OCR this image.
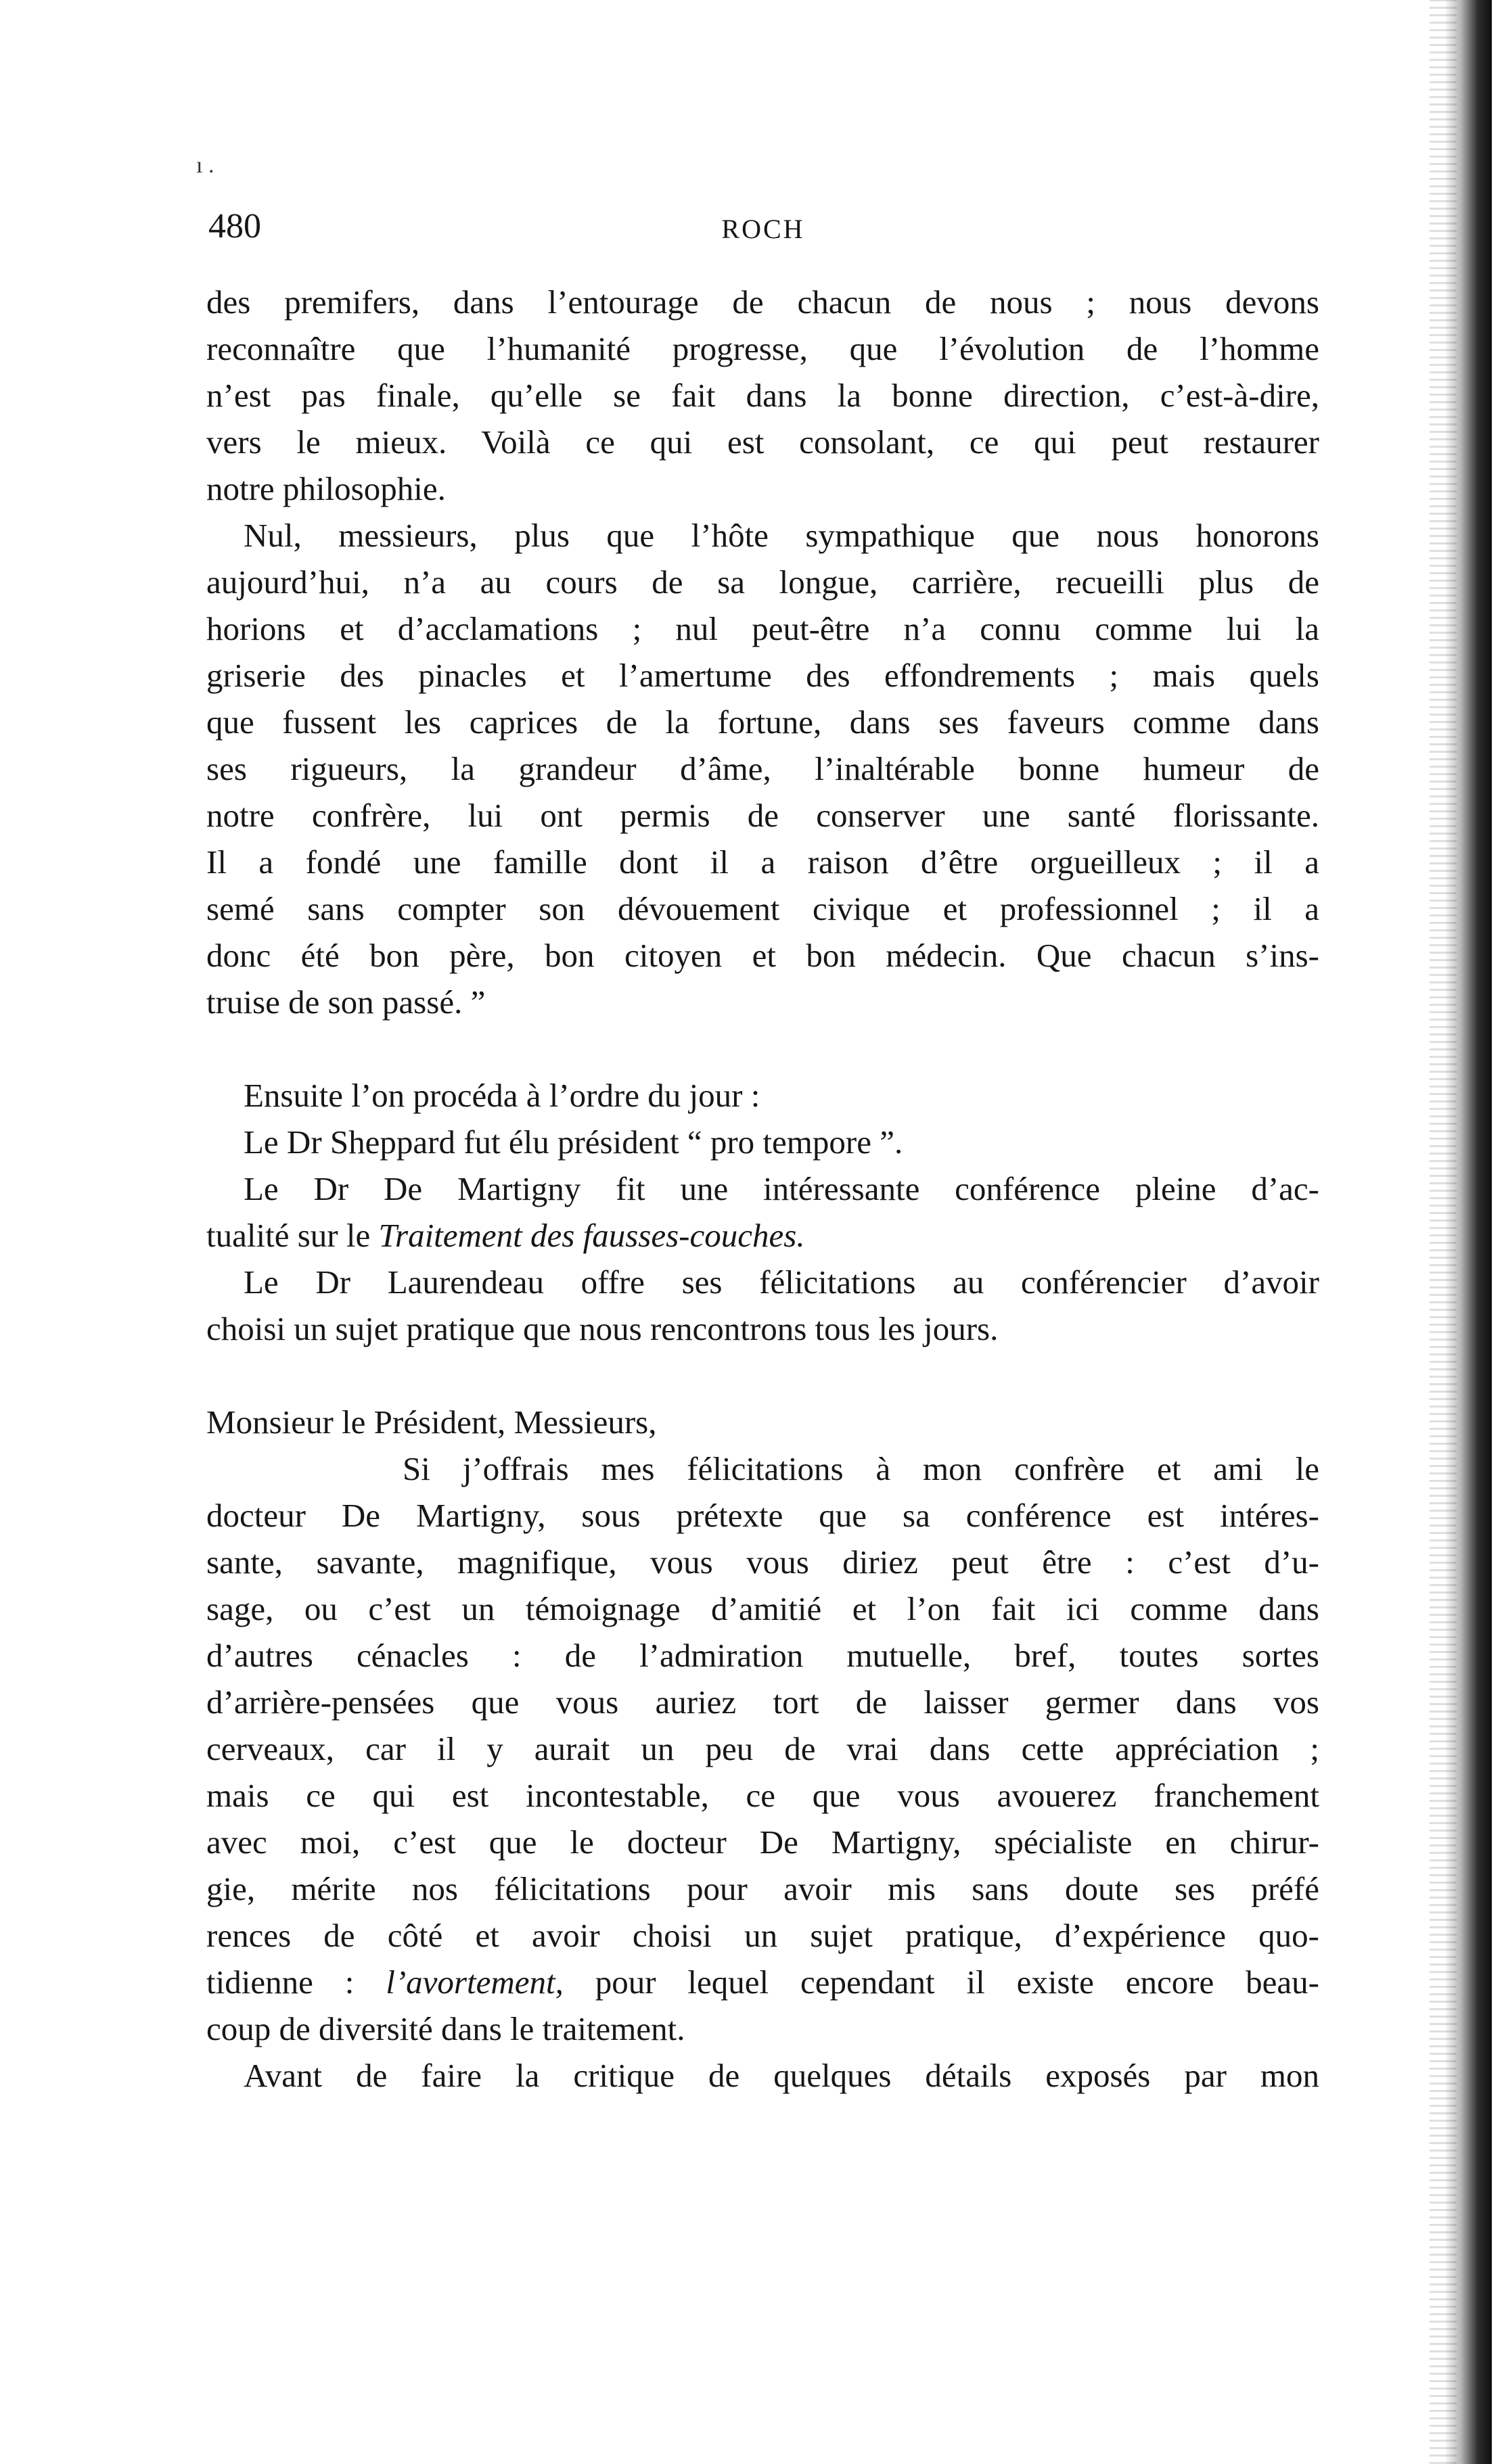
ı .
480	ROCH
des premifers, dans l’entourage de chacun de nous ; nous devons
reconnaître que l’humanité progresse, que l’évolution de l’homme
n’est pas finale, qu’elle se fait dans la bonne direction, c’est-à-dire,
vers le mieux. Voilà ce qui est consolant, ce qui peut restaurer
notre philosophie.
Nul, messieurs, plus que l’hôte sympathique que nous honorons
aujourd’hui, n’a au cours de sa longue, carrière, recueilli plus de
horions et d’acclamations ; nul peut-être n’a connu comme lui la
griserie des pinacles et l’amertume des effondrements ; mais quels
que fussent les caprices de la fortune, dans ses faveurs comme dans
ses rigueurs, la grandeur d’âme, l’inaltérable bonne humeur de
notre confrère, lui ont permis de conserver une santé florissante.
Il a fondé une famille dont il a raison d’être orgueilleux ; il a
semé sans compter son dévouement civique et professionnel ; il a
donc été bon père, bon citoyen et bon médecin. Que chacun s’ins-
truise de son passé. ”
Ensuite l’on procéda à l’ordre du jour :
Le Dr Sheppard fut élu président “ pro tempore ”.
Le Dr De Martigny fit une intéressante conférence pleine d’ac-
tualité sur le Traitement des fausses-couches.
Le Dr Laurendeau offre ses félicitations au conférencier d’avoir
choisi un sujet pratique que nous rencontrons tous les jours.
Monsieur le Président, Messieurs,
Si j’offrais mes félicitations à mon confrère et ami le
docteur De Martigny, sous prétexte que sa conférence est intéres-
sante, savante, magnifique, vous vous diriez peut être : c’est d’u-
sage, ou c’est un témoignage d’amitié et l’on fait ici comme dans
d’autres cénacles : de l’admiration mutuelle, bref, toutes sortes
d’arrière-pensées que vous auriez tort de laisser germer dans vos
cerveaux, car il y aurait un peu de vrai dans cette appréciation ;
mais ce qui est incontestable, ce que vous avouerez franchement
avec moi, c’est que le docteur De Martigny, spécialiste en chirur-
gie, mérite nos félicitations pour avoir mis sans doute ses préfé
rences de côté et avoir choisi un sujet pratique, d’expérience quo-
tidienne : l’avortement, pour lequel cependant il existe encore beau-
coup de diversité dans le traitement.
Avant de faire la critique de quelques détails exposés par mon
